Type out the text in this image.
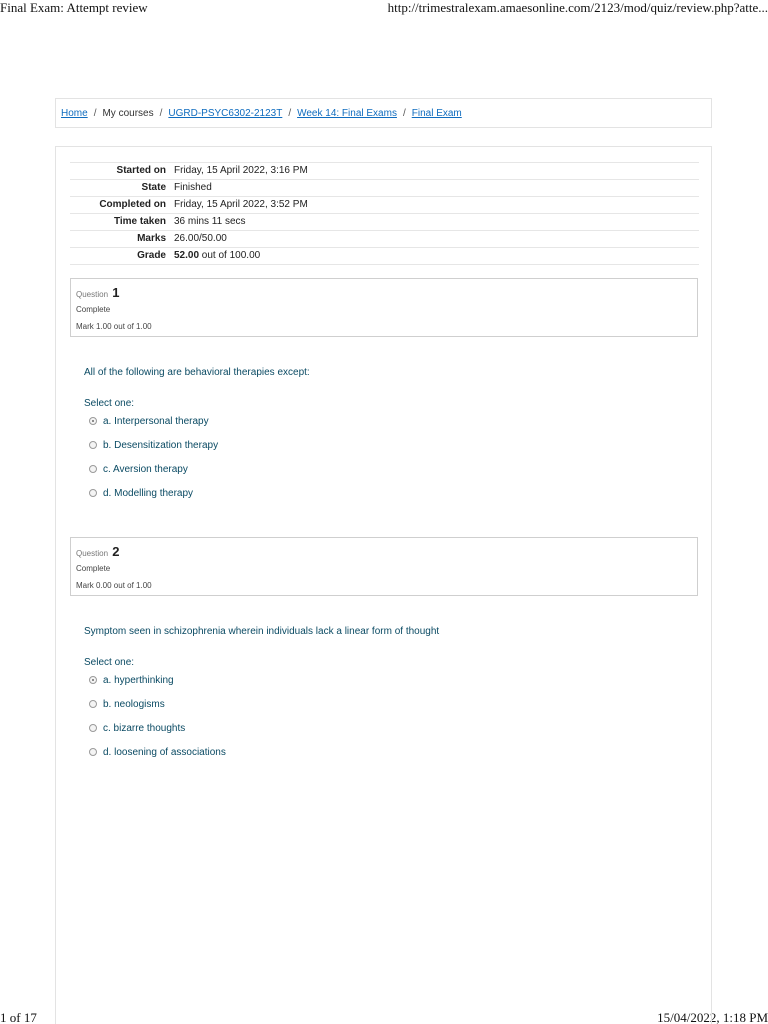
Final Exam: Attempt review	http://trimestralexam.amaesonline.com/2123/mod/quiz/review.php?atte...
1 of 17	15/04/2022, 1:18 PM
Home / My courses / UGRD-PSYC6302-2123T / Week 14: Final Exams / Final Exam
Started on	Friday, 15 April 2022, 3:16 PM
State	Finished
Completed on	Friday, 15 April 2022, 3:52 PM
Time taken	36 mins 11 secs
Marks	26.00/50.00
Grade	52.00 out of 100.00
Question 1
Complete
Mark 1.00 out of 1.00
All of the following are behavioral therapies except:
Select one:
a. Interpersonal therapy
b. Desensitization therapy
c. Aversion therapy
d. Modelling therapy
Question 2
Complete
Mark 0.00 out of 1.00
Symptom seen in schizophrenia wherein individuals lack a linear form of thought
Select one:
a. hyperthinking
b. neologisms
c. bizarre thoughts
d. loosening of associations
